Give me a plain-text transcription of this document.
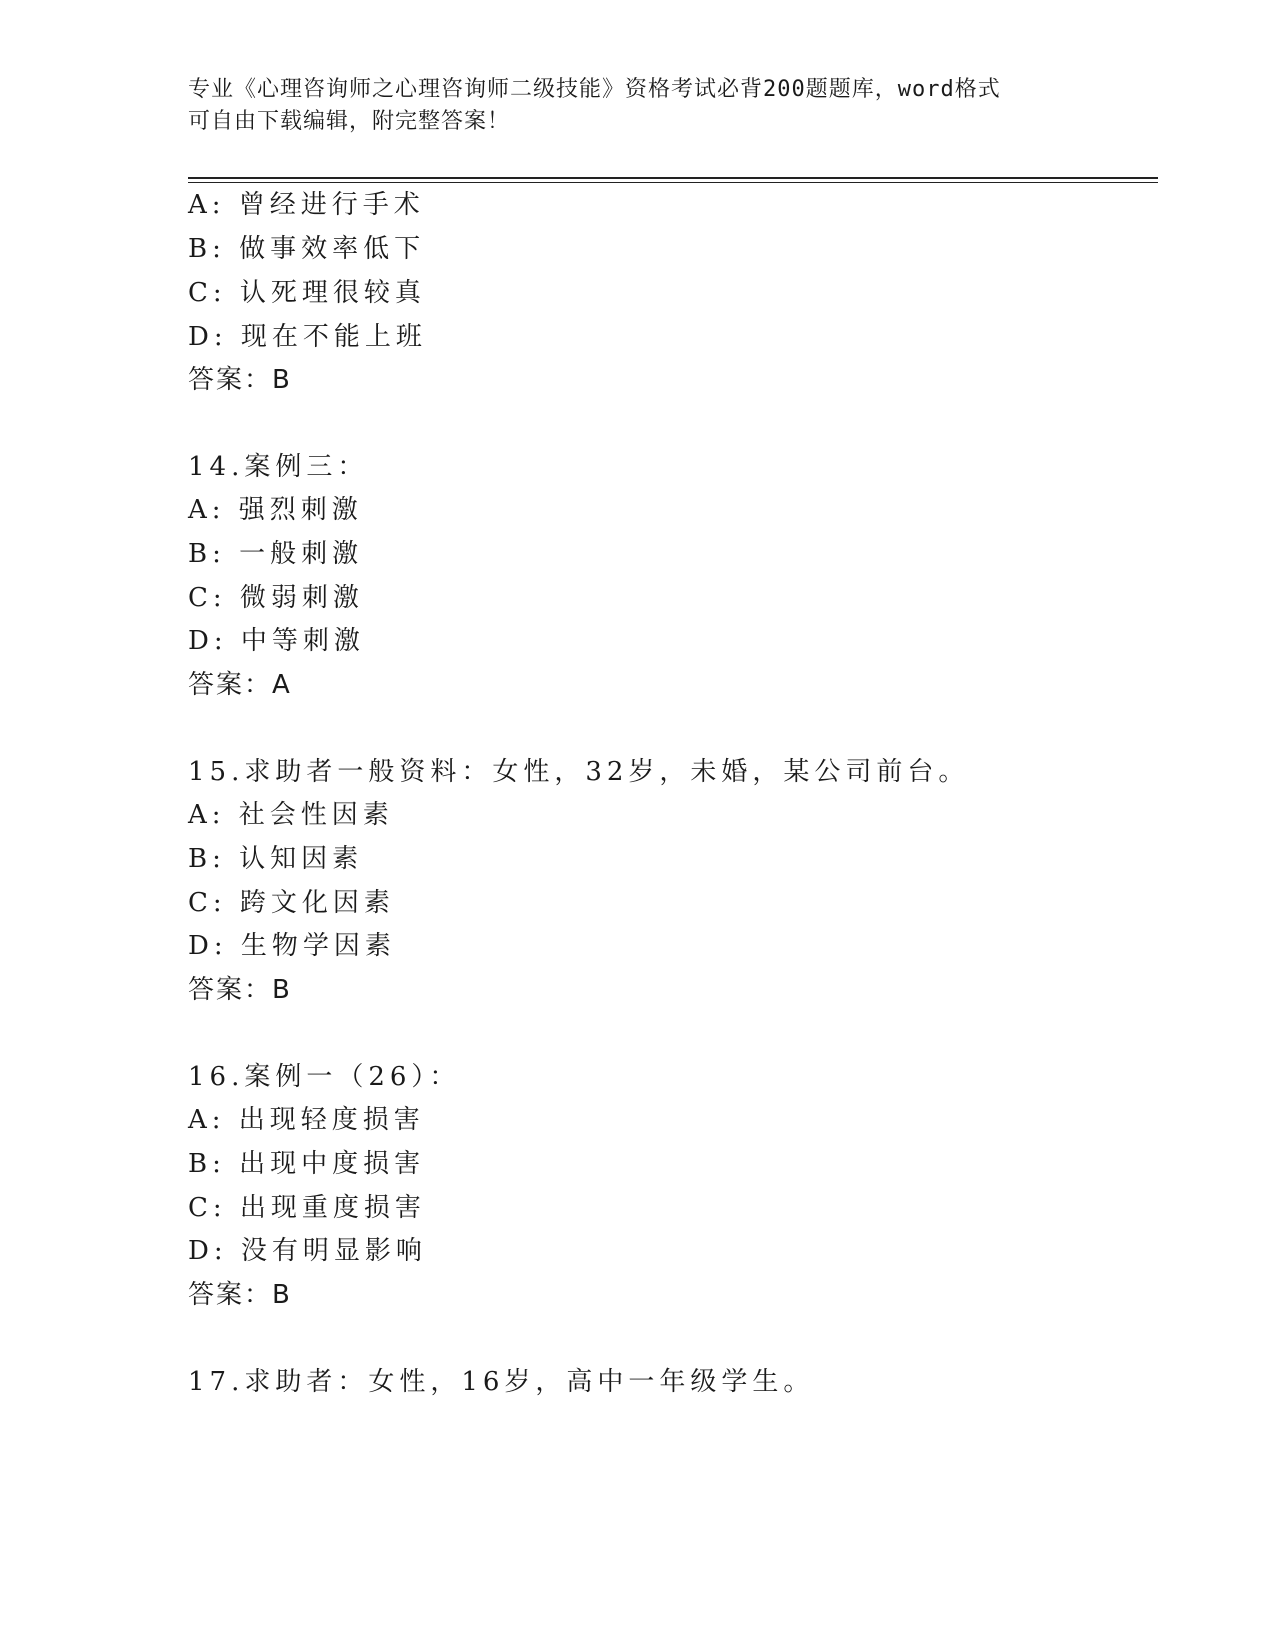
专业《心理咨询师之心理咨询师二级技能》资格考试必背200题题库，word格式
可自由下载编辑，附完整答案！
A: 曾经进行手术
B: 做事效率低下
C: 认死理很较真
D: 现在不能上班
答案：B
14.案例三：
A: 强烈刺激
B: 一般刺激
C: 微弱刺激
D: 中等刺激
答案：A
15.求助者一般资料：女性，32岁，未婚，某公司前台。
A: 社会性因素
B: 认知因素
C: 跨文化因素
D: 生物学因素
答案：B
16.案例一（26）：
A: 出现轻度损害
B: 出现中度损害
C: 出现重度损害
D: 没有明显影响
答案：B
17.求助者：女性，16岁，高中一年级学生。
